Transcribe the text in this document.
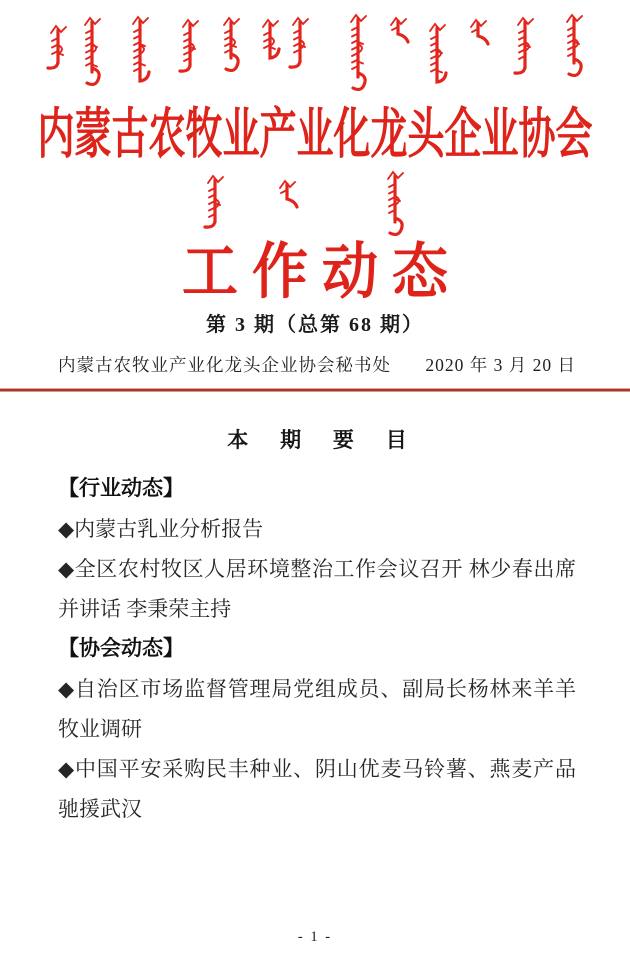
内蒙古农牧业产业化龙头企业协会
工作动态
第 3 期（总第 68 期）
内蒙古农牧业产业化龙头企业协会秘书处 2020 年 3 月 20 日
本 期 要 目
【行业动态】
◆内蒙古乳业分析报告
◆全区农村牧区人居环境整治工作会议召开 林少春出席并讲话 李秉荣主持
【协会动态】
◆自治区市场监督管理局党组成员、副局长杨林来羊羊牧业调研
◆中国平安采购民丰种业、阴山优麦马铃薯、燕麦产品驰援武汉
- 1 -
